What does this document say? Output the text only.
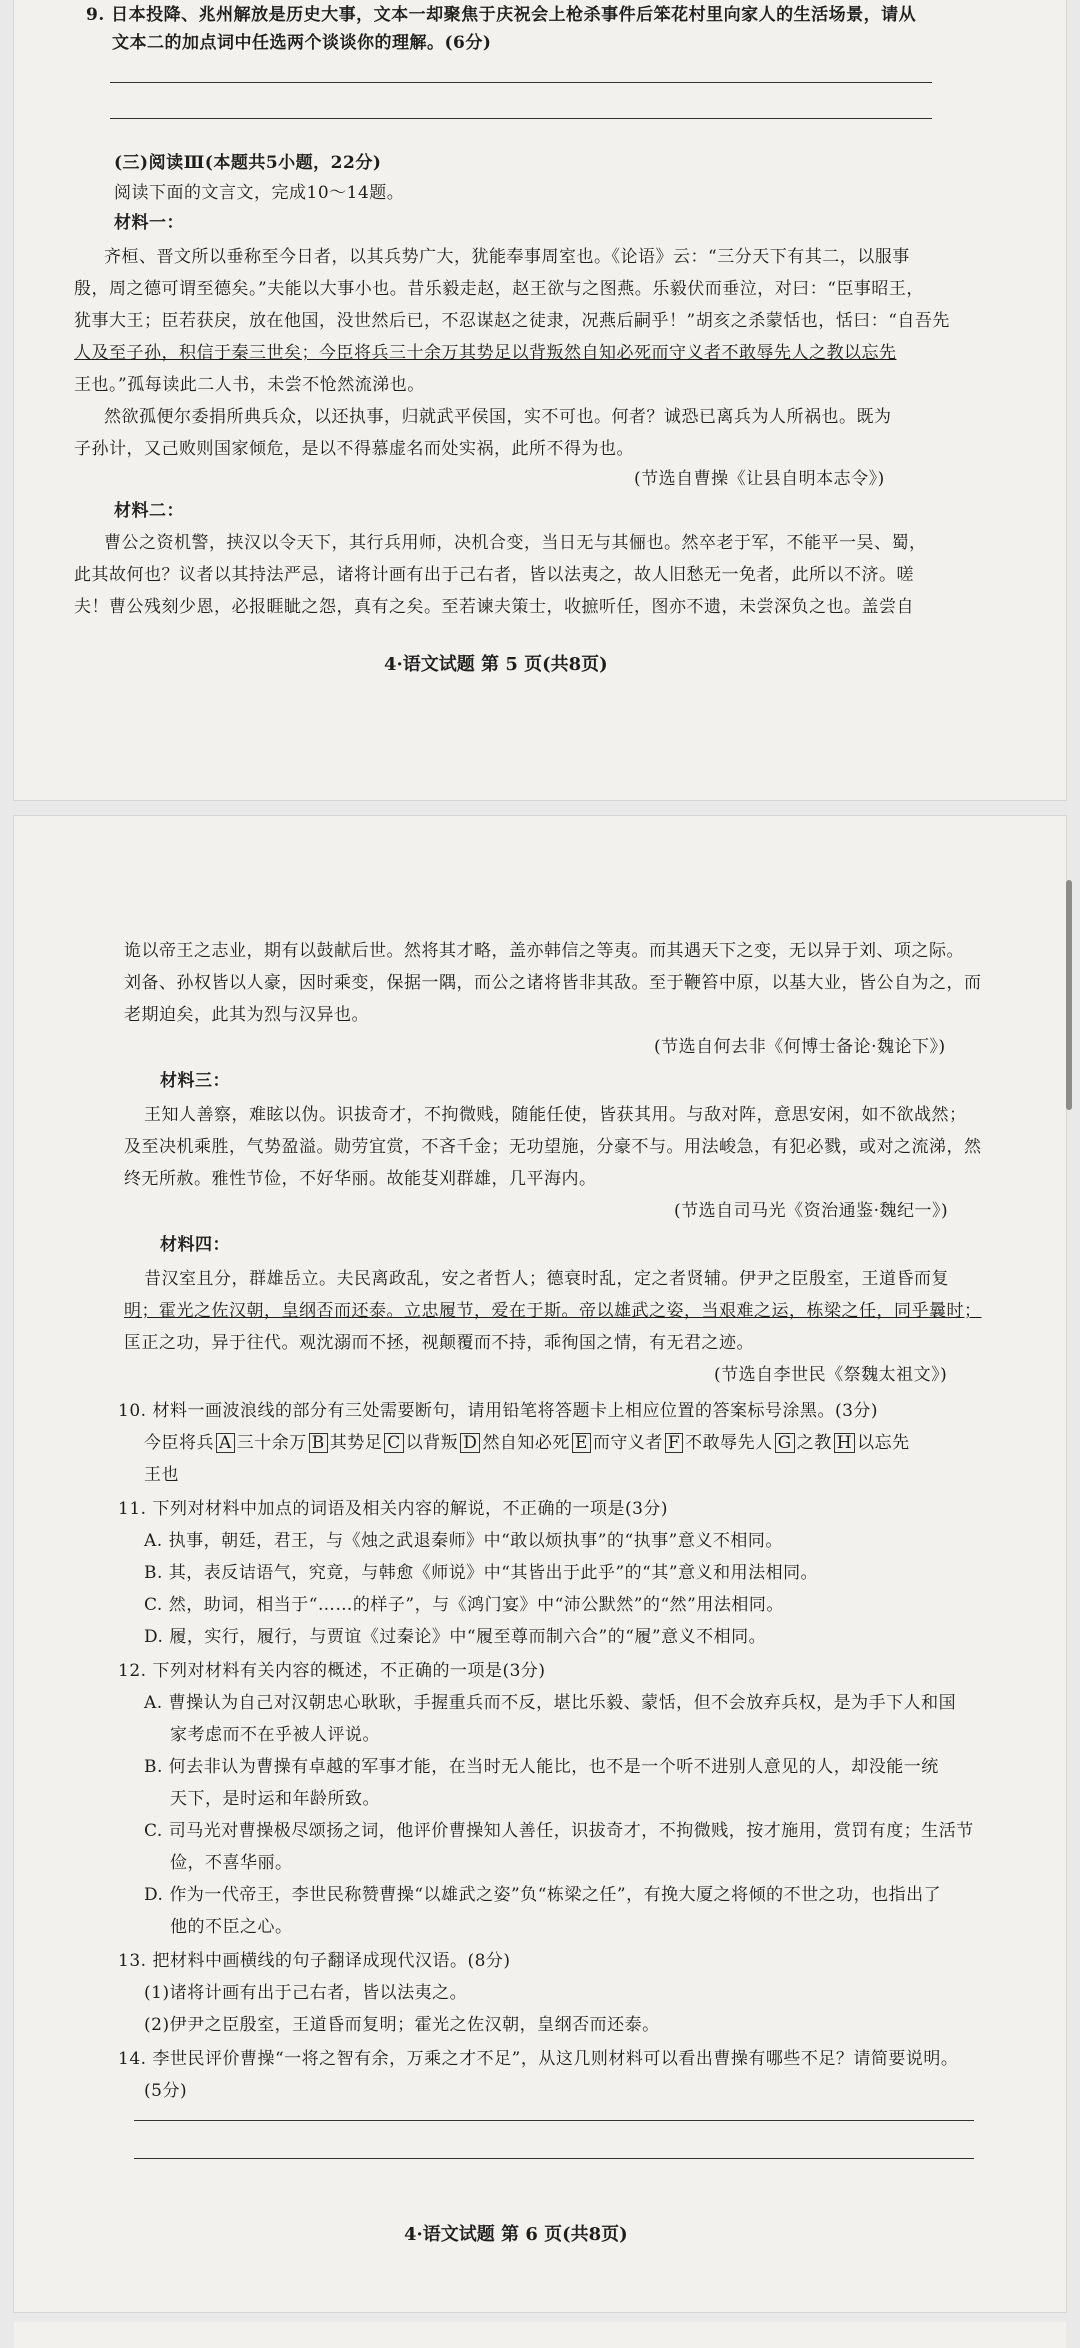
9. 日本投降、兆州解放是历史大事，文本一却聚焦于庆祝会上枪杀事件后笨花村里向家人的生活场景，请从
文本二的加点词中任选两个谈谈你的理解。(6分)
(三)阅读Ⅲ(本题共5小题，22分)
阅读下面的文言文，完成10～14题。
材料一：
齐桓、晋文所以垂称至今日者，以其兵势广大，犹能奉事周室也。《论语》云：“三分天下有其二，以服事
殷，周之德可谓至德矣。”夫能以大事小也。昔乐毅走赵，赵王欲与之图燕。乐毅伏而垂泣，对曰：“臣事昭王，
犹事大王；臣若获戾，放在他国，没世然后已，不忍谋赵之徒隶，况燕后嗣乎！”胡亥之杀蒙恬也，恬曰：“自吾先
人及至子孙，积信于秦三世矣；今臣将兵三十余万其势足以背叛然自知必死而守义者不敢辱先人之教以忘先
王也。”孤每读此二人书，未尝不怆然流涕也。
然欲孤便尔委捐所典兵众，以还执事，归就武平侯国，实不可也。何者？诚恐已离兵为人所祸也。既为
子孙计，又己败则国家倾危，是以不得慕虚名而处实祸，此所不得为也。
(节选自曹操《让县自明本志令》)
材料二：
曹公之资机警，挟汉以令天下，其行兵用师，决机合变，当日无与其俪也。然卒老于军，不能平一吴、蜀，
此其故何也？议者以其持法严忌，诸将计画有出于己右者，皆以法夷之，故人旧愁无一免者，此所以不济。嗟
夫！曹公残刻少恩，必报睚眦之怨，真有之矣。至若谏夫策士，收摭听任，图亦不遗，未尝深负之也。盖尝自
4·语文试题 第 5 页(共8页)
诡以帝王之志业，期有以鼓献后世。然将其才略，盖亦韩信之等夷。而其遇天下之变，无以异于刘、项之际。
刘备、孙权皆以人豪，因时乘变，保据一隅，而公之诸将皆非其敌。至于鞭笞中原，以基大业，皆公自为之，而
老期迫矣，此其为烈与汉异也。
(节选自何去非《何博士备论·魏论下》)
材料三：
王知人善察，难眩以伪。识拔奇才，不拘微贱，随能任使，皆获其用。与敌对阵，意思安闲，如不欲战然；
及至决机乘胜，气势盈溢。勋劳宜赏，不吝千金；无功望施，分豪不与。用法峻急，有犯必戮，或对之流涕，然
终无所赦。雅性节俭，不好华丽。故能芟刈群雄，几平海内。
(节选自司马光《资治通鉴·魏纪一》)
材料四：
昔汉室且分，群雄岳立。夫民离政乱，安之者哲人；德衰时乱，定之者贤辅。伊尹之臣殷室，王道昏而复
明；霍光之佐汉朝，皇纲否而还泰。立忠履节，爱在于斯。帝以雄武之姿，当艰难之运，栋梁之任，同乎曩时；
匡正之功，异于往代。观沈溺而不拯，视颠覆而不持，乖徇国之情，有无君之迹。
(节选自李世民《祭魏太祖文》)
10. 材料一画波浪线的部分有三处需要断句，请用铅笔将答题卡上相应位置的答案标号涂黑。(3分)
今臣将兵 A 三十余万 B 其势足 C 以背叛 D 然自知必死 E 而守义者 F 不敢辱先人 G 之教 H 以忘先
王也
11. 下列对材料中加点的词语及相关内容的解说，不正确的一项是(3分)
A. 执事，朝廷，君王，与《烛之武退秦师》中“敢以烦执事”的“执事”意义不相同。
B. 其，表反诘语气，究竟，与韩愈《师说》中“其皆出于此乎”的“其”意义和用法相同。
C. 然，助词，相当于“……的样子”，与《鸿门宴》中“沛公默然”的“然”用法相同。
D. 履，实行，履行，与贾谊《过秦论》中“履至尊而制六合”的“履”意义不相同。
12. 下列对材料有关内容的概述，不正确的一项是(3分)
A. 曹操认为自己对汉朝忠心耿耿，手握重兵而不反，堪比乐毅、蒙恬，但不会放弃兵权，是为手下人和国
家考虑而不在乎被人评说。
B. 何去非认为曹操有卓越的军事才能，在当时无人能比，也不是一个听不进别人意见的人，却没能一统
天下，是时运和年龄所致。
C. 司马光对曹操极尽颂扬之词，他评价曹操知人善任，识拔奇才，不拘微贱，按才施用，赏罚有度；生活节
俭，不喜华丽。
D. 作为一代帝王，李世民称赞曹操“以雄武之姿”负“栋梁之任”，有挽大厦之将倾的不世之功，也指出了
他的不臣之心。
13. 把材料中画横线的句子翻译成现代汉语。(8分)
(1)诸将计画有出于己右者，皆以法夷之。
(2)伊尹之臣殷室，王道昏而复明；霍光之佐汉朝，皇纲否而还泰。
14. 李世民评价曹操“一将之智有余，万乘之才不足”，从这几则材料可以看出曹操有哪些不足？请简要说明。
(5分)
4·语文试题 第 6 页(共8页)
